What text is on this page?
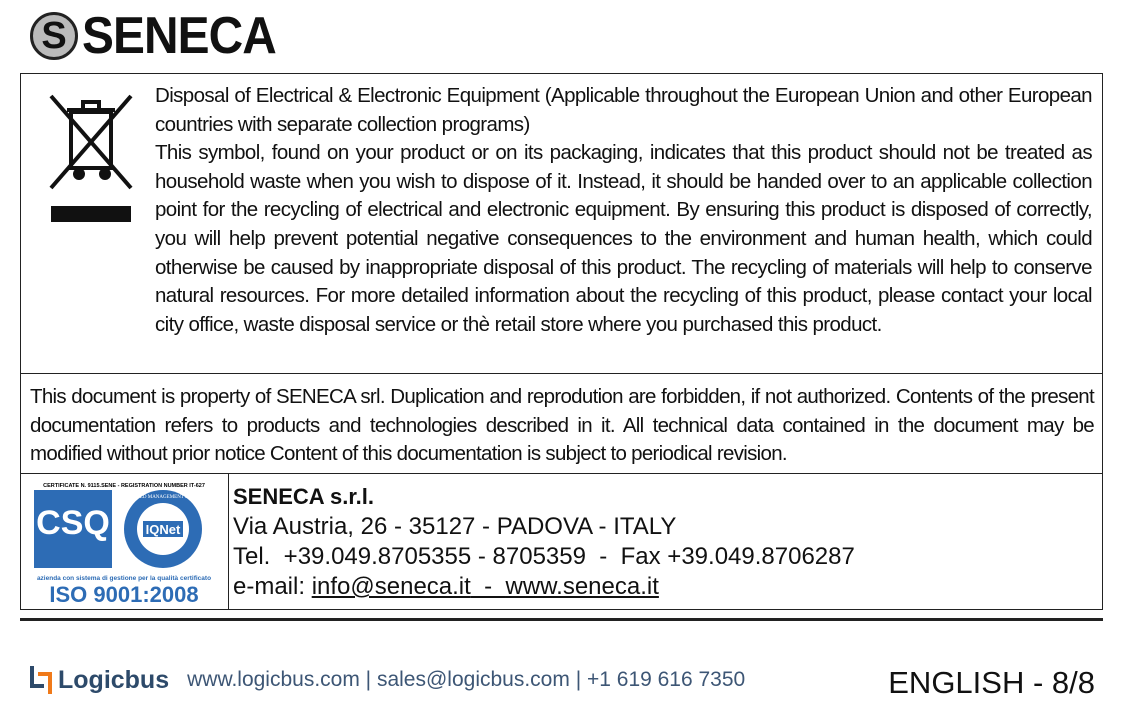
S SENECA
Disposal of Electrical & Electronic Equipment (Applicable throughout the European Union and other European countries with separate collection programs)
This symbol, found on your product or on its packaging, indicates that this product should not be treated as household waste when you wish to dispose of it. Instead, it should be handed over to an applicable collection point for the recycling of electrical and electronic equipment. By ensuring this product is disposed of correctly, you will help prevent potential negative consequences to the environment and human health, which could otherwise be caused by inappropriate disposal of this product. The recycling of materials will help to conserve natural resources. For more detailed information about the recycling of this product, please contact your local city office, waste disposal service or thè retail store where you purchased this product.
This document is property of SENECA srl. Duplication and reprodution are forbidden, if not authorized. Contents of the present documentation refers to products and technologies described in it. All technical data contained in the document may be modified without prior notice Content of this documentation is subject to periodical revision.
CERTIFICATE N. 9115.SENE - REGISTRATION NUMBER IT-627
CSQ	IQNet
CERTIFIED MANAGEMENT SYSTEM
azienda con sistema di gestione per la qualità certificato
ISO 9001:2008
SENECA s.r.l.
Via Austria, 26 - 35127 - PADOVA - ITALY
Tel.  +39.049.8705355 - 8705359  -  Fax +39.049.8706287
e-mail: info@seneca.it  -  www.seneca.it
Logicbus www.logicbus.com | sales@logicbus.com | +1 619 616 7350	ENGLISH - 8/8
